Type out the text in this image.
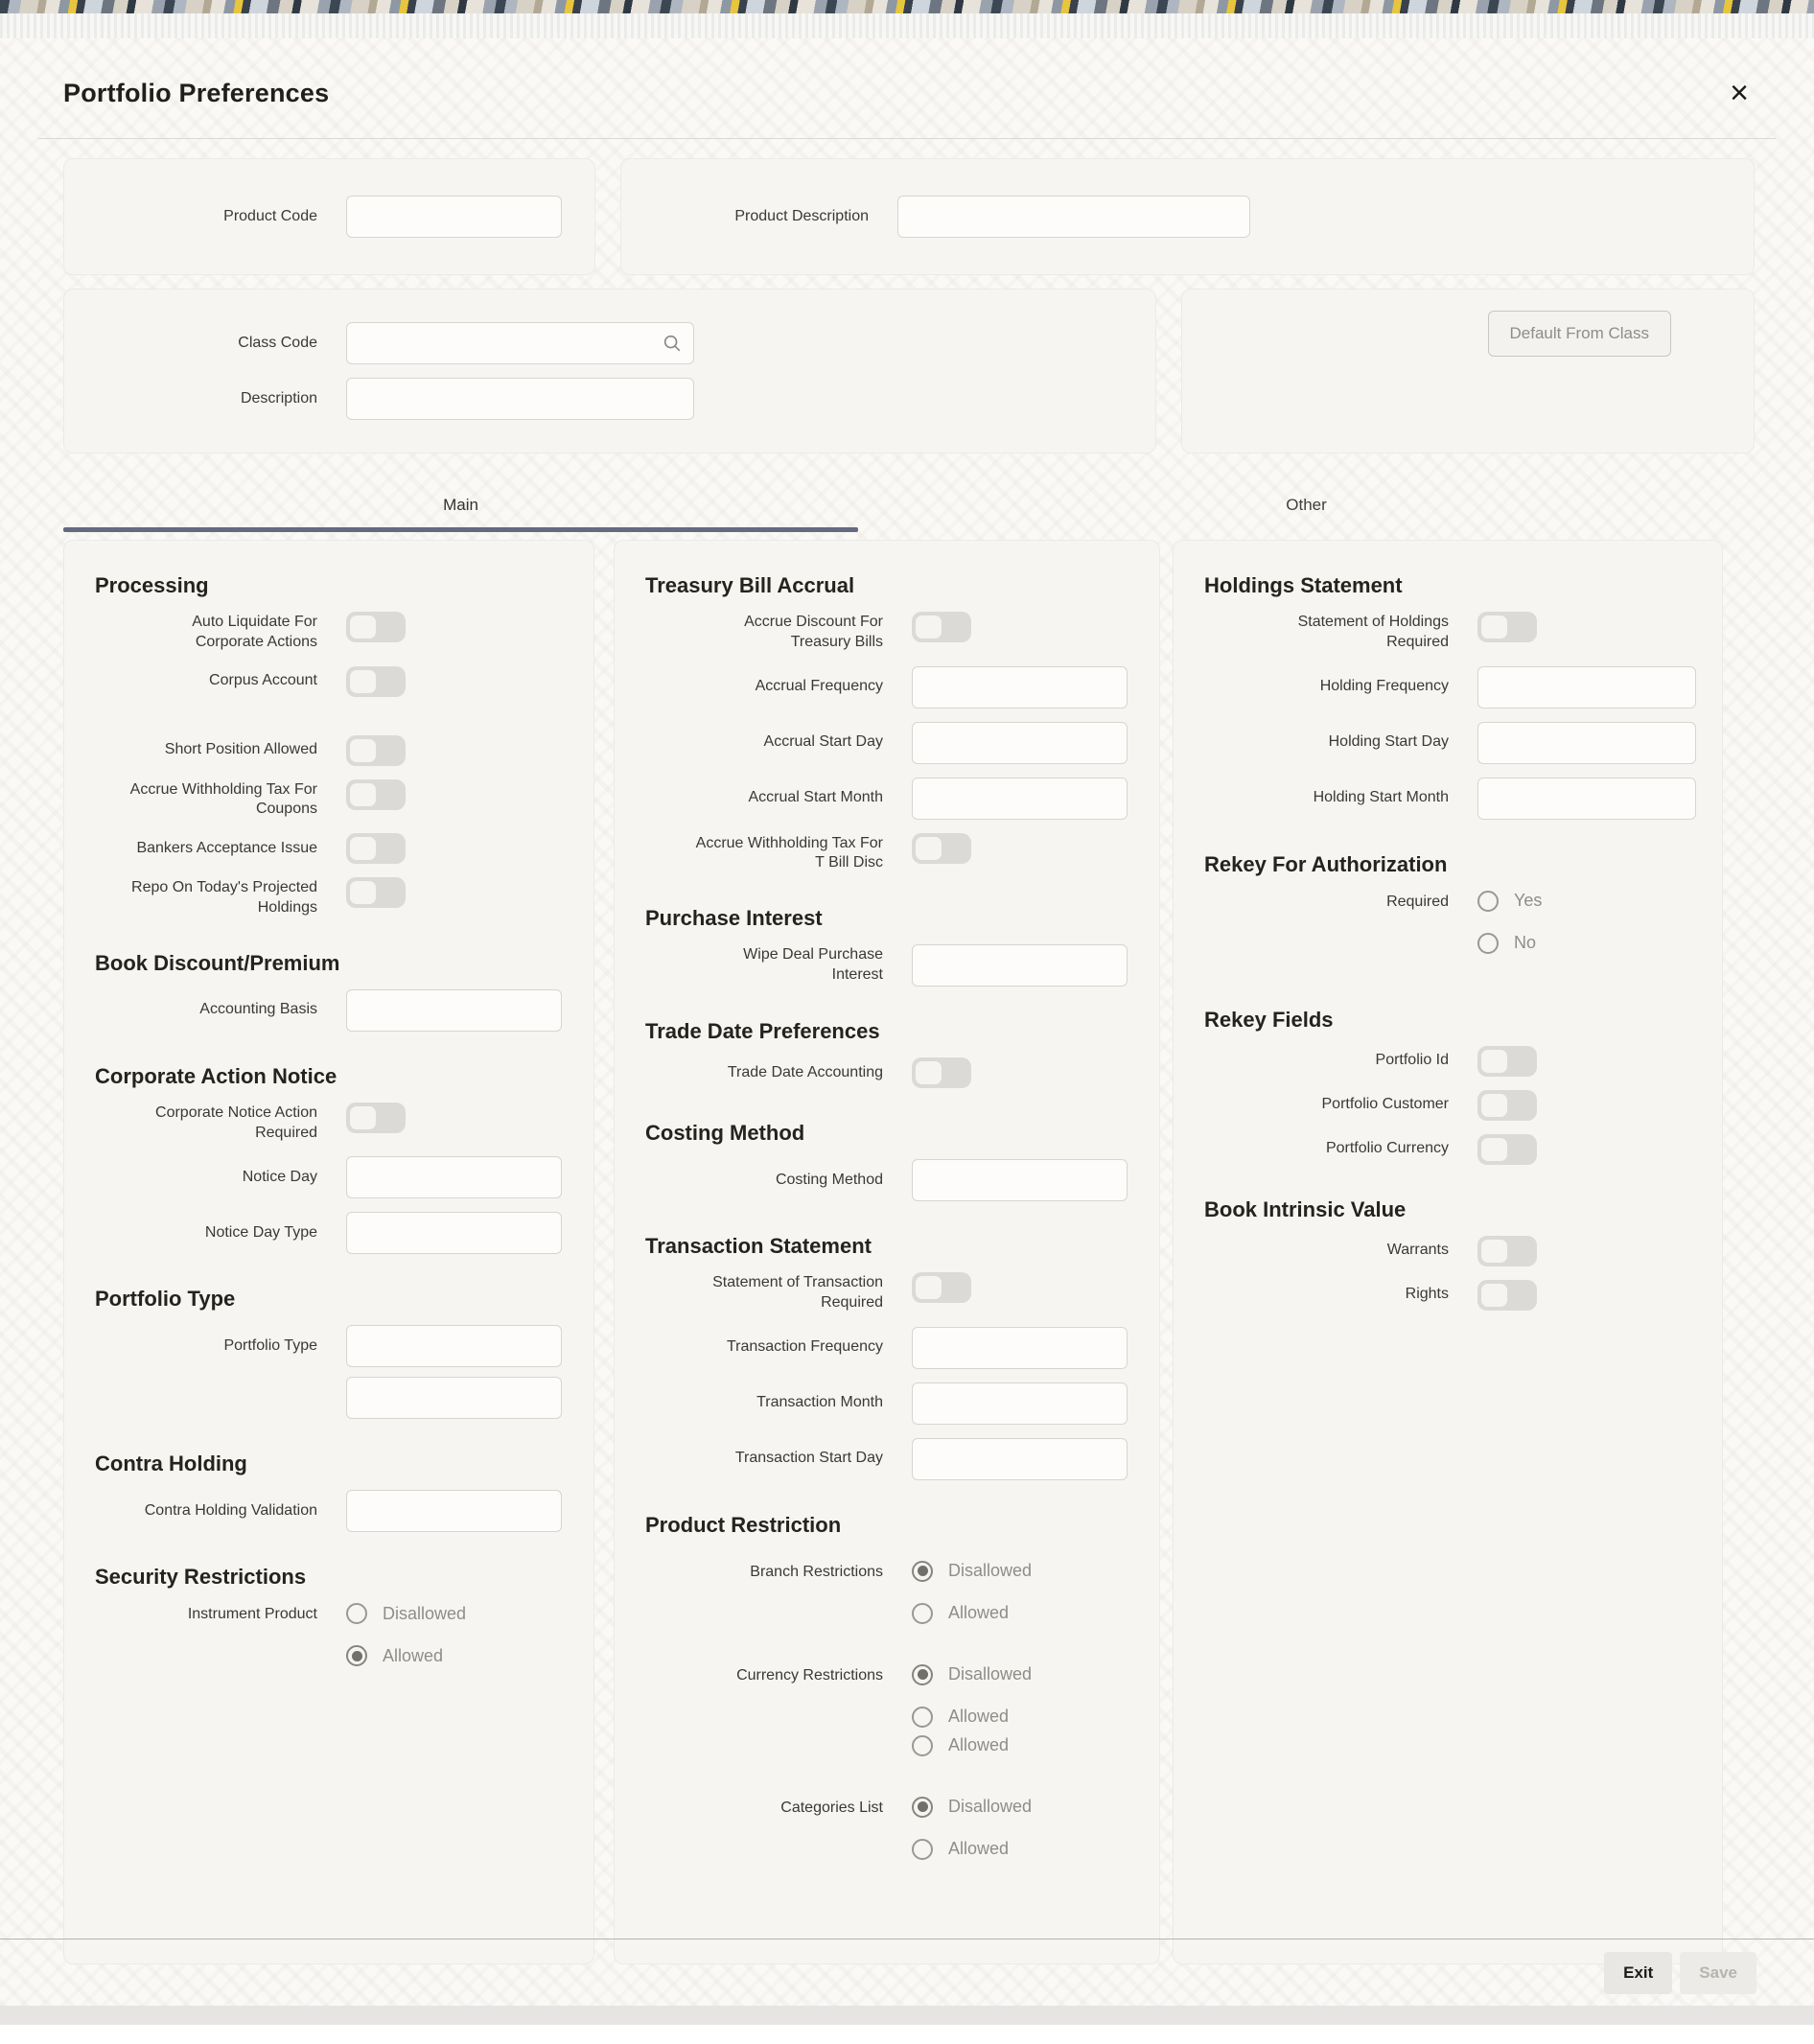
Portfolio Preferences	×
Product Code	Product Description
Class Code
Description
Default From Class
Main	Other
Processing
Auto Liquidate For Corporate Actions
Corpus Account
Short Position Allowed
Accrue Withholding Tax For Coupons
Bankers Acceptance Issue
Repo On Today's Projected Holdings
Book Discount/Premium
Accounting Basis
Corporate Action Notice
Corporate Notice Action Required
Notice Day
Notice Day Type
Portfolio Type
Portfolio Type
Contra Holding
Contra Holding Validation
Security Restrictions
Instrument Product	Disallowed
Allowed
Treasury Bill Accrual
Accrue Discount For Treasury Bills
Accrual Frequency
Accrual Start Day
Accrual Start Month
Accrue Withholding Tax For T Bill Disc
Purchase Interest
Wipe Deal Purchase Interest
Trade Date Preferences
Trade Date Accounting
Costing Method
Costing Method
Transaction Statement
Statement of Transaction Required
Transaction Frequency
Transaction Month
Transaction Start Day
Product Restriction
Branch Restrictions	Disallowed
Allowed
Currency Restrictions	Disallowed
Allowed
Allowed
Categories List	Disallowed
Allowed
Holdings Statement
Statement of Holdings Required
Holding Frequency
Holding Start Day
Holding Start Month
Rekey For Authorization
Required	Yes
No
Rekey Fields
Portfolio Id
Portfolio Customer
Portfolio Currency
Book Intrinsic Value
Warrants
Rights
Exit	Save
